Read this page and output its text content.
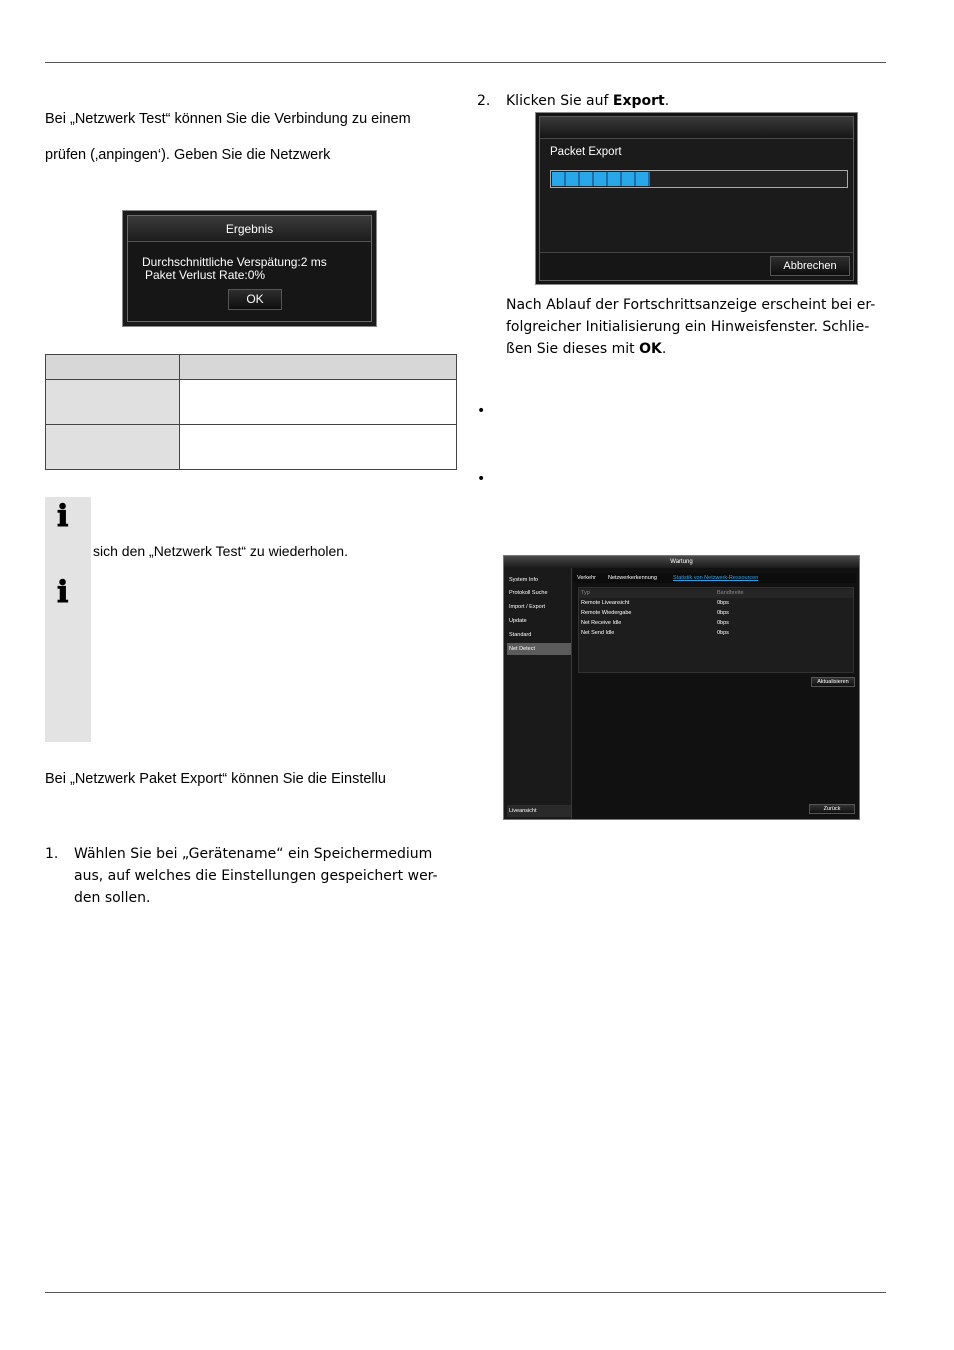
Bei „Netzwerk Test“ können Sie die Verbindung zu einem
prüfen (‚anpingen‘). Geben Sie die Netzwerk
Ergebnis
Durchschnittliche Verspätung:2 ms
Paket Verlust Rate:0%
OK

ℹ
ℹ
sich den „Netzwerk Test“ zu wiederholen.
Bei „Netzwerk Paket Export“ können Sie die Einstellu
1. Wählen Sie bei „Gerätename“ ein Speichermedium
aus, auf welches die Einstellungen gespeichert wer-
den sollen.
2. Klicken Sie auf Export.
Packet Export
Abbrechen
Nach Ablauf der Fortschrittsanzeige erscheint bei er-
folgreicher Initialisierung ein Hinweisfenster. Schlie-
ßen Sie dieses mit OK.
•
•
Wartung
System Info
Protokoll Suche
Import / Export
Update
Standard
Net Detect
Liveansicht
Verkehr Netzwerkerkennung	Statistik von Netzwerk-Ressourcen
Typ	Bandbreite
Remote Liveansicht	0bps
Remote Wiedergabe	0bps
Net Receive Idle	0bps
Net Send Idle	0bps
Aktualisieren
Zurück
